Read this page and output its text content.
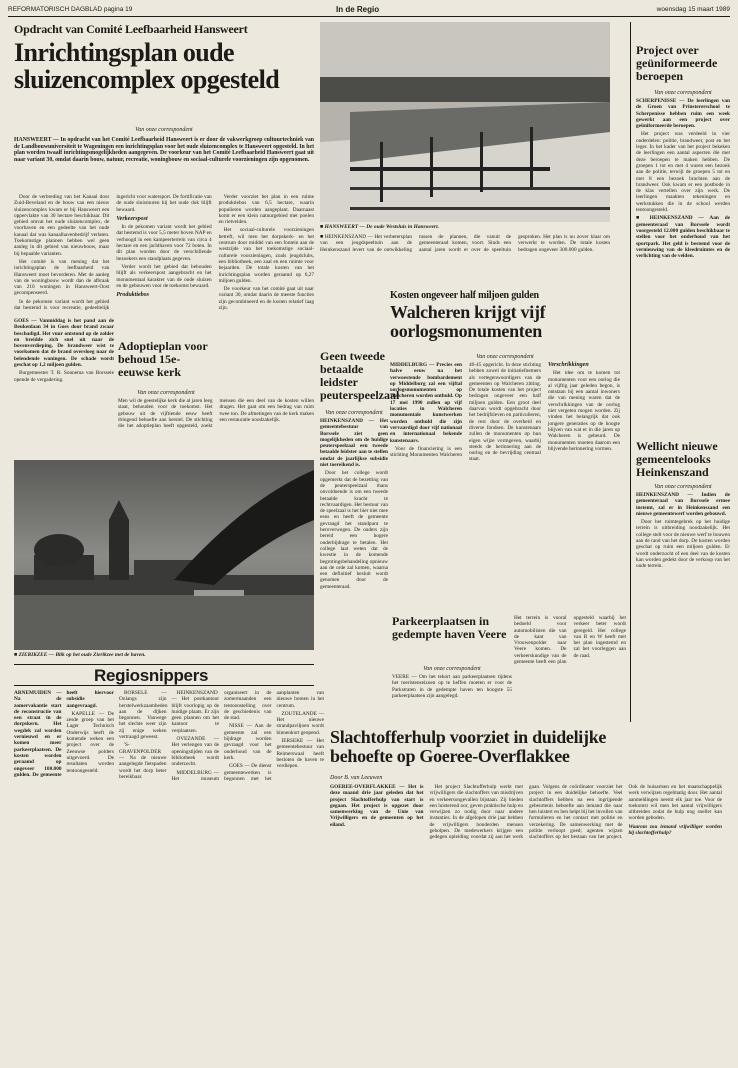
REFORMATORISCH DAGBLAD pagina 19	In de Regio	woensdag 15 maart 1989
Opdracht van Comité Leefbaarheid Hansweert
Inrichtingsplan oude sluizencomplex opgesteld
Van onze correspondent
HANSWEERT — In opdracht van het Comité Leefbaarheid Hansweert is er door de vakwerkgroep cultuurtechniek van de Landbouwuniversiteit te Wageningen een inrichtingsplan voor het oude sluizencomplex te Hansweert opgesteld. In het plan worden twaalf inrichtingsmogelijkheden aangegeven. De voorkeur van het Comité Leefbaarheid Hansweert gaat uit naar variant 30, omdat daarin bouw, natuur, recreatie, woningbouw en sociaal-culturele voorzieningen zijn opgenomen.

Door de verbreding van het Kanaal door Zuid-Beveland en de bouw van een nieuw sluizencomplex kwam er bij Hansweert een oppervlakte van 30 hectare beschikbaar. Dit gebied omvat het oude sluizencomplex, de voorhaven en een gedeelte van het oude kanaal dat was kanaalhavenbedrijf verlaten. Toekomstige plannen hebben wel geen aanleg in dit gebied van nieuwbouw, maar bij bepaalde varianten.

Het comité is van mening dat het inrichtingsplan de leefbaarheid van Hansweert moet bevorderen. Met de aanleg van de woningbouw wordt dan de afbraak van 210 woningen in Hansweert-Oost gecompenseerd.

In de pekomen variant wordt het gebied dat bestemd is voor recreatie, gedeeltelijk ingericht voor watersport. De fortificatie van de oude sluismuren bij het oude dok blijft bewaard.

Verkeerspost

In de pekomen variant wordt het gebied dat bestemd is voor 5,5 meter boven NAP en verhoogd in een kampeerterrein van circa 4 hectare en een jachthaven voor 72 boten. In dit plan worden door de verschillende bezoekers een standplaats gegeven.

Verder wordt het gebied dat behouden blijft als verkeerspost aangebracht en het monumentaal karakter van de oude sluizen en de gebouwen voor de toekomst bewaard.

Produktiebos

Verder voorziet het plan in een ruime produktiebos van 6,5 hectare, waarin populieren worden aangeplant. Daarnaast komt er een klein natuurgebied met poelen en rietvelden.

Het sociaal-culturele voorzieningen betreft, wil men het dorpskerk- en het centrum door middel van een fontein aan de westzijde van het toekomstige sociaal-culturele voorzieningen, zoals jeugdclubs, een bibliotheek, een zaal en een ruimte voor bejaarden. De totale kosten van het inrichtingsplan worden geraamd op 6,27 miljoen gulden.

De voorkeur van het comité gaat uit naar variant 30, omdat daarin de meeste functies zijn gecombineerd en de kosten relatief laag zijn.

GOES — Vanmiddag is het pand aan de Beukenlaan 34 in Goes door brand zwaar beschadigd. Het vuur ontstond op de zolder en breidde zich snel uit naar de bovenverdieping. De brandweer wist te voorkomen dat de brand oversloeg naar de belendende woningen. De schade wordt geschat op 1,2 miljoen gulden.

Burgemeester T. R. Sonnema van Borssele opende de vergadering.

Adoptieplan voor behoud 15e-eeuwse kerk
Van onze correspondent
Men wil de geestelijke kerk die al jaren leeg staat, behouden voor de toekomst. Het gebouw uit de vijftiende eeuw heeft dringend behoefte aan herstel. De stichting die het adoptieplan heeft opgesteld, zoekt mensen die een deel van de kosten willen dragen. Het gaat om een bedrag van ruim twee ton. De afmetingen van de kerk maken een restauratie noodzakelijk.
■ ZIERIKZEE — Blik op het oude Zierikzee met de haven.
■ HANSWEERT — De oude Westsluis in Hansweert.
■ HEINKENSZAND — Het verbetersplan van een jeugdspeeltuin aan de Heinkenszand levert van de ontwikkeling tussen de plannen, die vanuit de gemeenteraad komen, voort. Sinds een aantal jaren wordt er over de speeltuin gesproken. Het plan is nu zover klaar om verwerkt te worden. De totale kosten bedragen ongeveer 300.000 gulden.
Kosten ongeveer half miljoen gulden
Walcheren krijgt vijf oorlogsmonumenten
Van onze correspondent

MIDDELBURG — Precies een halve eeuw na het verwoestende bombardement op Middelburg zal een vijftal oorlogsmonumenten op Walcheren worden onthuld. Op 17 mei 1990 zullen op vijf locaties in Walcheren monumentale kunstwerken worden onthuld die zijn vervaardigd door vijf nationaal en internationaal bekende kunstenaars.

Voor de financiering is een stichting Monumenten Walcheren 40-45 opgericht. In deze stichting hebben zowel de initiatiefnemers als vertegenwoordigers van de gemeenten op Walcheren zitting. De totale kosten van het project bedragen ongeveer een half miljoen gulden. Een groot deel daarvan wordt opgebracht door het bedrijfsleven en particulieren, de rest door de overheid en diverse fondsen. De kunstenaars zullen de monumenten op hun eigen wijze vormgeven, waarbij steeds de herinnering aan de oorlog en de bevrijding centraal staat.

Verschrikkingen

Het idee om te komen tot monumenten voor een oorlog die al vijftig jaar geleden begon, is ontstaan bij een aantal inwoners die van mening waren dat de verschrikkingen van de oorlog niet vergeten mogen worden. Zij vinden het belangrijk dat ook jongere generaties op de hoogte blijven van wat er in die jaren op Walcheren is gebeurd. De monumenten moeten daarom een blijvende herinnering vormen.

Geen tweede betaalde leidster peuterspeelzaal
Van onze correspondent

HEINKENSZAND — Het gemeentebestuur van Borssele ziet geen mogelijkheden om de huidige peuterspeelzaal een tweede betaalde leidster aan te stellen omdat de jaarlijkse subsidie niet toereikend is.

Door het college wordt opgemerkt dat de bezetting van de peuterspeelzaal thans onvoldoende is om een tweede betaalde kracht te rechtvaardigen. Het bestuur van de speelzaal is het hier niet mee eens en heeft de gemeente gevraagd het standpunt te heroverwegen. De ouders zijn bereid een hogere ouderbijdrage te betalen. Het college laat weten dat de kwestie in de komende begrotingsbehandeling opnieuw aan de orde zal komen, waarna een definitief besluit wordt genomen door de gemeenteraad.

Parkeerplaatsen in gedempte haven Veere
Van onze correspondent
VEERE — Om het tekort aan parkeerplaatsen tijdens het toeristenseizoen op te heffen moeten er voor de Parkstraten in de gedempte haven ten hoogste 55 parkeerplaatsen zijn aangelegd.
Het terrein is vooral bedoeld voor automobilisten die van de kant van Vrouwenpolder naar Veere komen. De verkeerskundige van de gemeente heeft een plan opgesteld waarbij het verkeer beter wordt geregeld. Het college van B en W heeft met het plan ingestemd en zal het voorleggen aan de raad.
Regiosnippers

ARNEMUIDEN — Na de zomervakantie start de reconstructie van een straat in de dorpskern. Het wegdek zal worden vernieuwd en er komen meer parkeerplaatsen. De kosten worden geraamd op ongeveer 100.000 gulden. De gemeente heeft hiervoor subsidie aangevraagd.

KAPELLE — De zesde groep van het Lager Technisch Onderwijs heeft de komende weken een project over de Zeeuwse polders uitgevoerd. De resultaten worden tentoongesteld.

BORSELE — Onlangs zijn herstelwerkzaamheden aan de dijken begonnen. Vanwege het slechte weer zijn zij enige weken vertraagd geweest.

'S-GRAVENPOLDER — Na de nieuwe aangelegde fietspaden wordt het dorp beter bereikbaar.

HEINKENSZAND — Het postkantoor blijft voorlopig op de huidige plaats. Er zijn geen plannen om het kantoor te verplaatsen.

OVEZANDE — Het verlengen van de openingstijden van de bibliotheek wordt onderzocht.

MIDDELBURG — Het museum organiseert in de zomermaanden een tentoonstelling over de geschiedenis van de stad.

NISSE — Aan de gemeente zal een bijdrage worden gevraagd voor het onderhoud van de kerk.

GOES — De dienst gemeentewerken is begonnen met het aanplanten van nieuwe bomen in het centrum.

ZOUTELANDE — Het nieuwe strandpaviljoen wordt binnenkort geopend.

IERSEKE — Het gemeentebestuur van Reimerswaal heeft besloten de haven te verdiepen.

Slachtofferhulp voorziet in duidelijke behoefte op Goeree-Overflakkee
Door B. van Leeuwen

GOEREE-OVERFLAKKEE — Het is deze maand drie jaar geleden dat het project Slachtofferhulp van start is gegaan. Het project is opgezet door samenwerking van de Unie van Vrijwilligers en de gemeenten op het eiland.

Het project Slachtofferhulp werkt met vrijwilligers die slachtoffers van misdrijven en verkeersongevallen bijstaan. Zij bieden een luisterend oor, geven praktische hulp en verwijzen zo nodig door naar andere instanties. In de afgelopen drie jaar hebben de vrijwilligers honderden mensen geholpen. De medewerkers krijgen een gedegen opleiding voordat zij aan het werk gaan. Volgens de coördinator voorziet het project in een duidelijke behoefte. Veel slachtoffers hebben na een ingrijpende gebeurtenis behoefte aan iemand die naar hen luistert en hen helpt bij het invullen van formulieren en het contact met politie en verzekering. De samenwerking met de politie verloopt goed; agenten wijzen slachtoffers op het bestaan van het project. Ook de huisartsen en het maatschappelijk werk verwijzen regelmatig door. Het aantal aanmeldingen neemt elk jaar toe. Voor de toekomst wil men het aantal vrijwilligers uitbreiden zodat de hulp nog sneller kan worden geboden.

Waarom zou iemand vrijwilliger worden bij slachtofferhulp?

Project over geüniformeerde beroepen
Van onze correspondent

SCHERPENISSE — De leerlingen van de Groen van Prinstererschool te Scherpenisse hebben ruim een week gewerkt aan een project over geüniformeerde beroepen.

Het project was verdeeld in vier onderdelen: politie, brandweer, post en het leger. In het kader van het project bekeken de leerlingen een aantal aspecten die met deze beroepen te maken hebben. De groepen 1 tot en met 4 waren een bezoek aan de politie, terwijl de groepen 5 tot en met 8 een bezoek brachten aan de brandweer. Ook kwam er een postbode in de klas vertellen over zijn werk. De leerlingen maakten tekeningen en werkstukken die in de school werden tentoongesteld.

■ HEINKENSZAND — Aan de gemeenteraad van Borssele wordt voorgesteld 12.000 gulden beschikbaar te stellen voor het onderhoud van het sportpark. Het geld is bestemd voor de vernieuwing van de kleedruimtes en de verlichting van de velden.

Wellicht nieuwe gemeentelooks Heinkenszand
Van onze correspondent

HEINKENSZAND — Indien de gemeenteraad van Borssele ermee instemt, zal er in Heinkenszand een nieuwe gemeentewerf worden gebouwd.

Door het ruimtegebrek op het huidige terrein is uitbreiding noodzakelijk. Het college stelt voor de nieuwe werf te bouwen aan de rand van het dorp. De kosten worden geschat op ruim een miljoen gulden. Er wordt onderzocht of een deel van de kosten kan worden gedekt door de verkoop van het oude terrein.
